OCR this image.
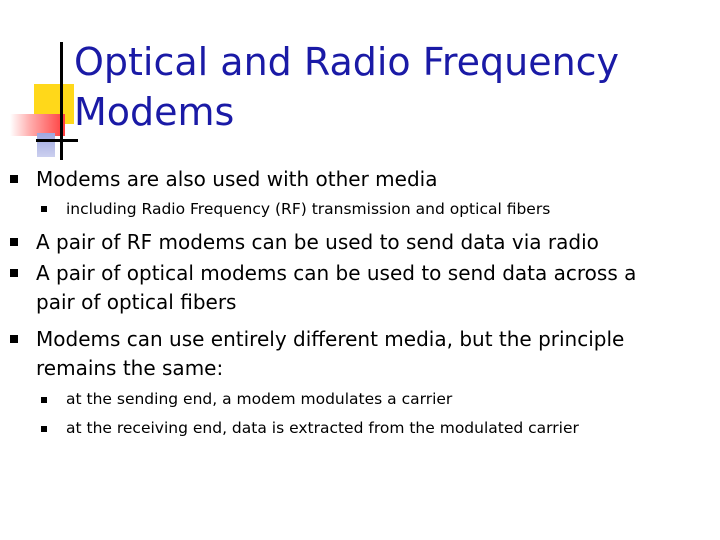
Optical and Radio Frequency
Modems
Modems are also used with other media
including Radio Frequency (RF) transmission and optical fibers
A pair of RF modems can be used to send data via radio
A pair of optical modems can be used to send data across a
pair of optical fibers
Modems can use entirely different media, but the principle
remains the same:
at the sending end, a modem modulates a carrier
at the receiving end, data is extracted from the modulated carrier
